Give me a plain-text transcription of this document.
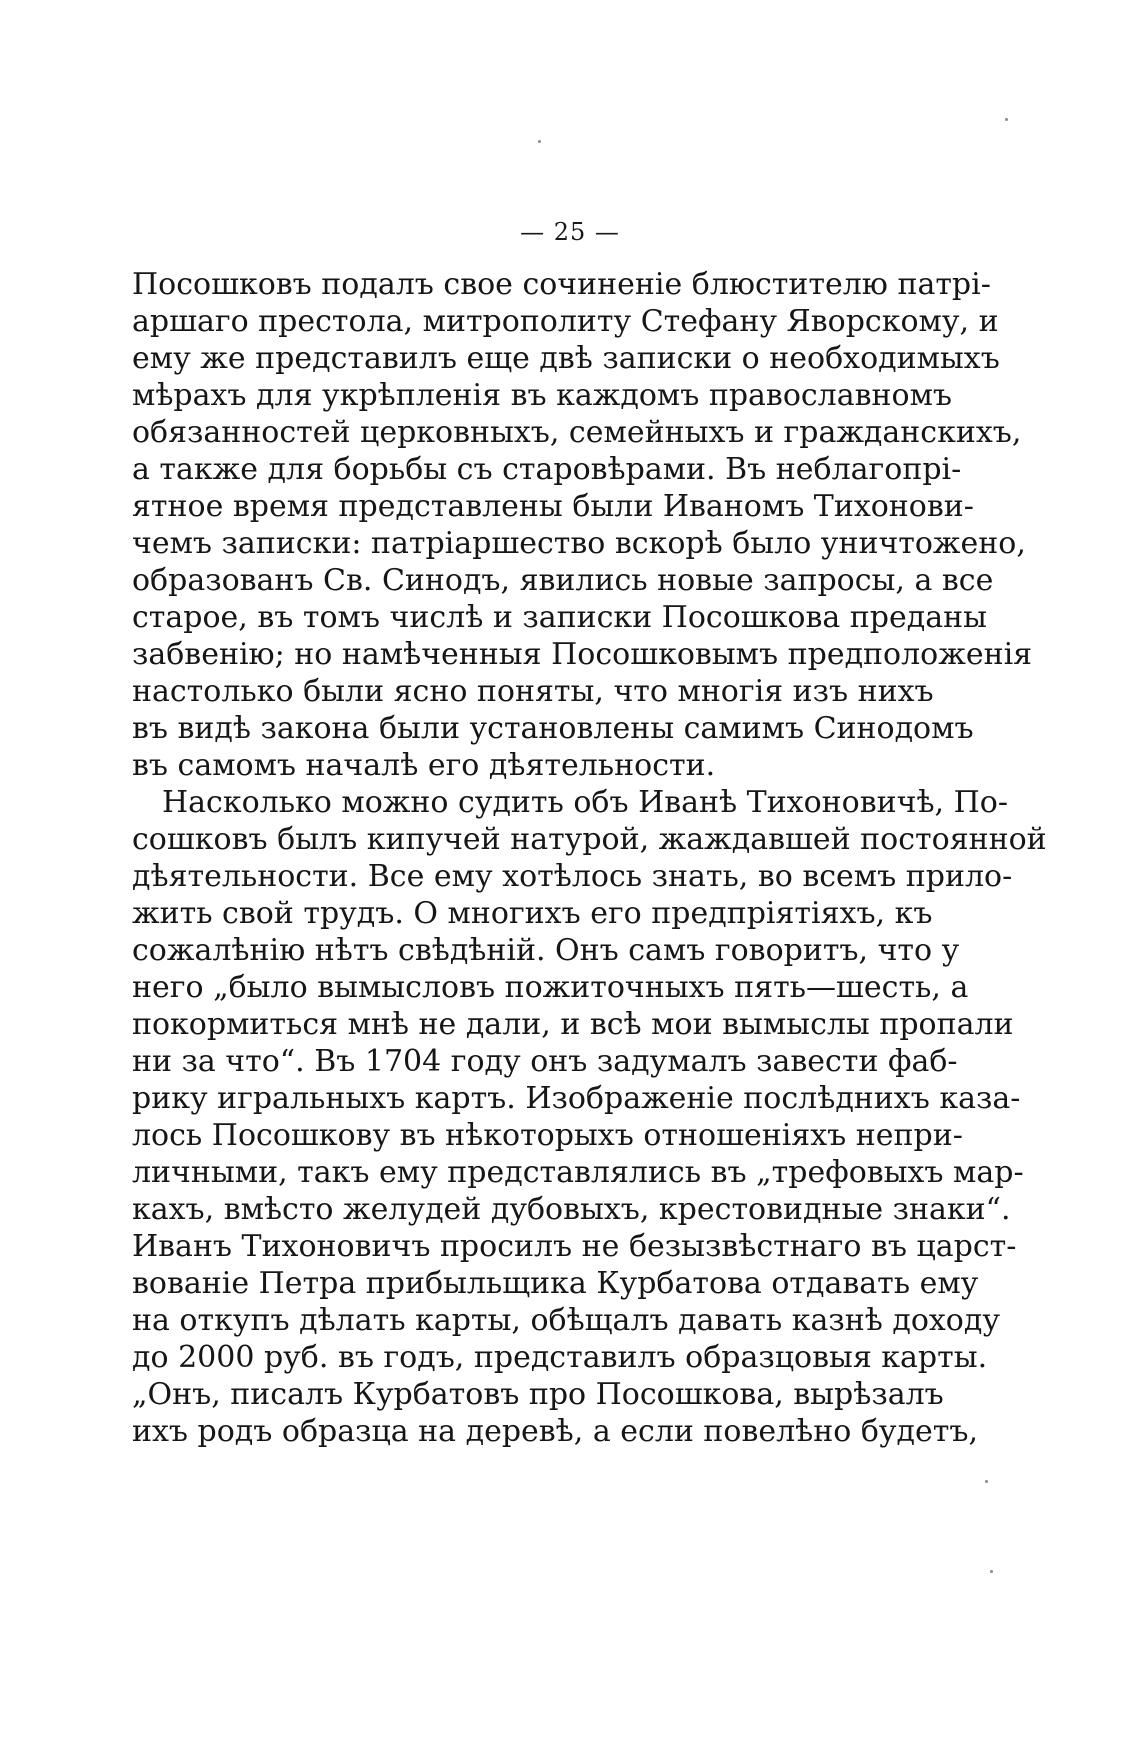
— 25 —
Посошковъ подалъ свое сочиненіе блюстителю патрі-
аршаго престола, митрополиту Стефану Яворскому, и
ему же представилъ еще двѣ записки о необходимыхъ
мѣрахъ для укрѣпленія въ каждомъ православномъ
обязанностей церковныхъ, семейныхъ и гражданскихъ,
а также для борьбы съ старовѣрами. Въ неблагопрі-
ятное время представлены были Иваномъ Тихонови-
чемъ записки: патріаршество вскорѣ было уничтожено,
образованъ Св. Синодъ, явились новые запросы, а все
старое, въ томъ числѣ и записки Посошкова преданы
забвенію; но намѣченныя Посошковымъ предположенія
настолько были ясно поняты, что многія изъ нихъ
въ видѣ закона были установлены самимъ Синодомъ
въ самомъ началѣ его дѣятельности.
Насколько можно судить объ Иванѣ Тихоновичѣ, По-
сошковъ былъ кипучей натурой, жаждавшей постоянной
дѣятельности. Все ему хотѣлось знать, во всемъ прило-
жить свой трудъ. О многихъ его предпріятіяхъ, къ
сожалѣнію нѣтъ свѣдѣній. Онъ самъ говоритъ, что у
него „было вымысловъ пожиточныхъ пять—шесть, а
покормиться мнѣ не дали, и всѣ мои вымыслы пропали
ни за что“. Въ 1704 году онъ задумалъ завести фаб-
рику игральныхъ картъ. Изображеніе послѣднихъ каза-
лось Посошкову въ нѣкоторыхъ отношеніяхъ непри-
личными, такъ ему представлялись въ „трефовыхъ мар-
кахъ, вмѣсто желудей дубовыхъ, крестовидные знаки“.
Иванъ Тихоновичъ просилъ не безызвѣстнаго въ царст-
вованіе Петра прибыльщика Курбатова отдавать ему
на откупъ дѣлать карты, обѣщалъ давать казнѣ доходу
до 2000 руб. въ годъ, представилъ образцовыя карты.
„Онъ, писалъ Курбатовъ про Посошкова, вырѣзалъ
ихъ родъ образца на деревѣ, а если повелѣно будетъ,
